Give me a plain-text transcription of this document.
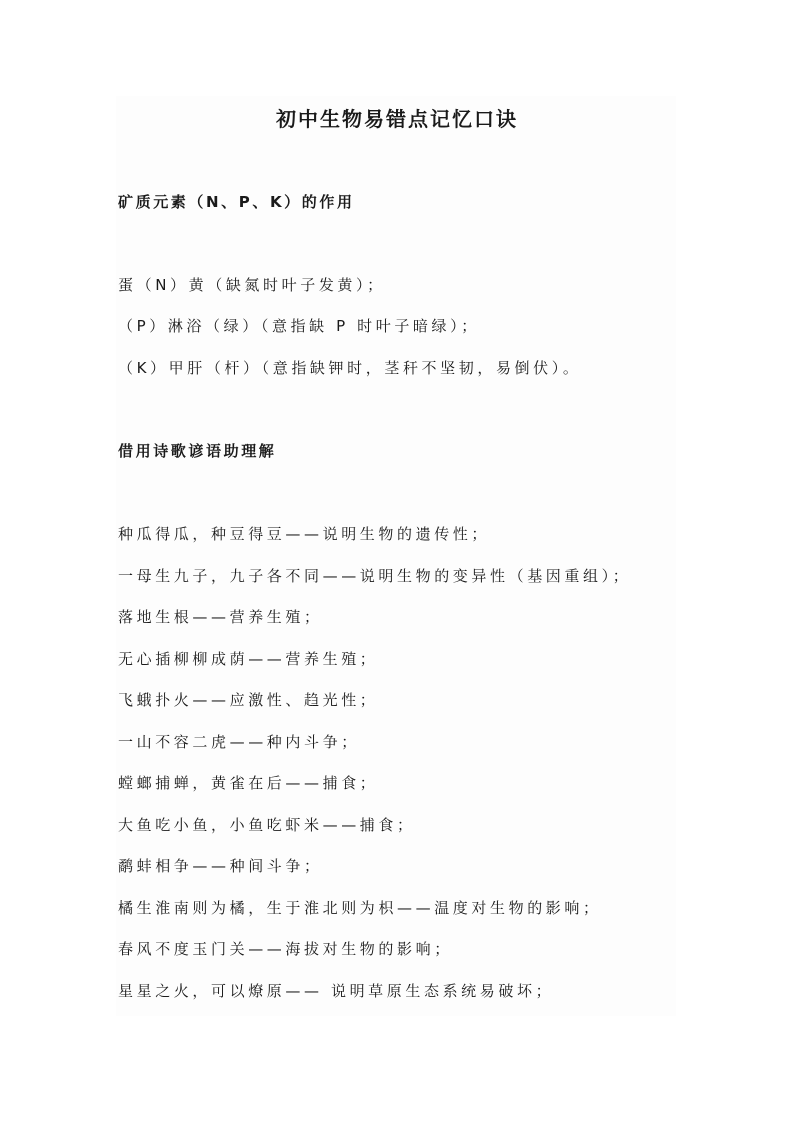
初中生物易错点记忆口诀

矿质元素（N、P、K）的作用

蛋（N）黄（缺氮时叶子发黄）；

（P）淋浴（绿）（意指缺 P 时叶子暗绿）；

（K）甲肝（杆）（意指缺钾时，茎秆不坚韧，易倒伏）。

借用诗歌谚语助理解

种瓜得瓜，种豆得豆——说明生物的遗传性；

一母生九子，九子各不同——说明生物的变异性（基因重组）；

落地生根——营养生殖；

无心插柳柳成荫——营养生殖；

飞蛾扑火——应激性、趋光性；

一山不容二虎——种内斗争；

螳螂捕蝉，黄雀在后——捕食；

大鱼吃小鱼，小鱼吃虾米——捕食；

鹬蚌相争——种间斗争；

橘生淮南则为橘，生于淮北则为枳——温度对生物的影响；

春风不度玉门关——海拔对生物的影响；

星星之火，可以燎原—— 说明草原生态系统易破坏；
